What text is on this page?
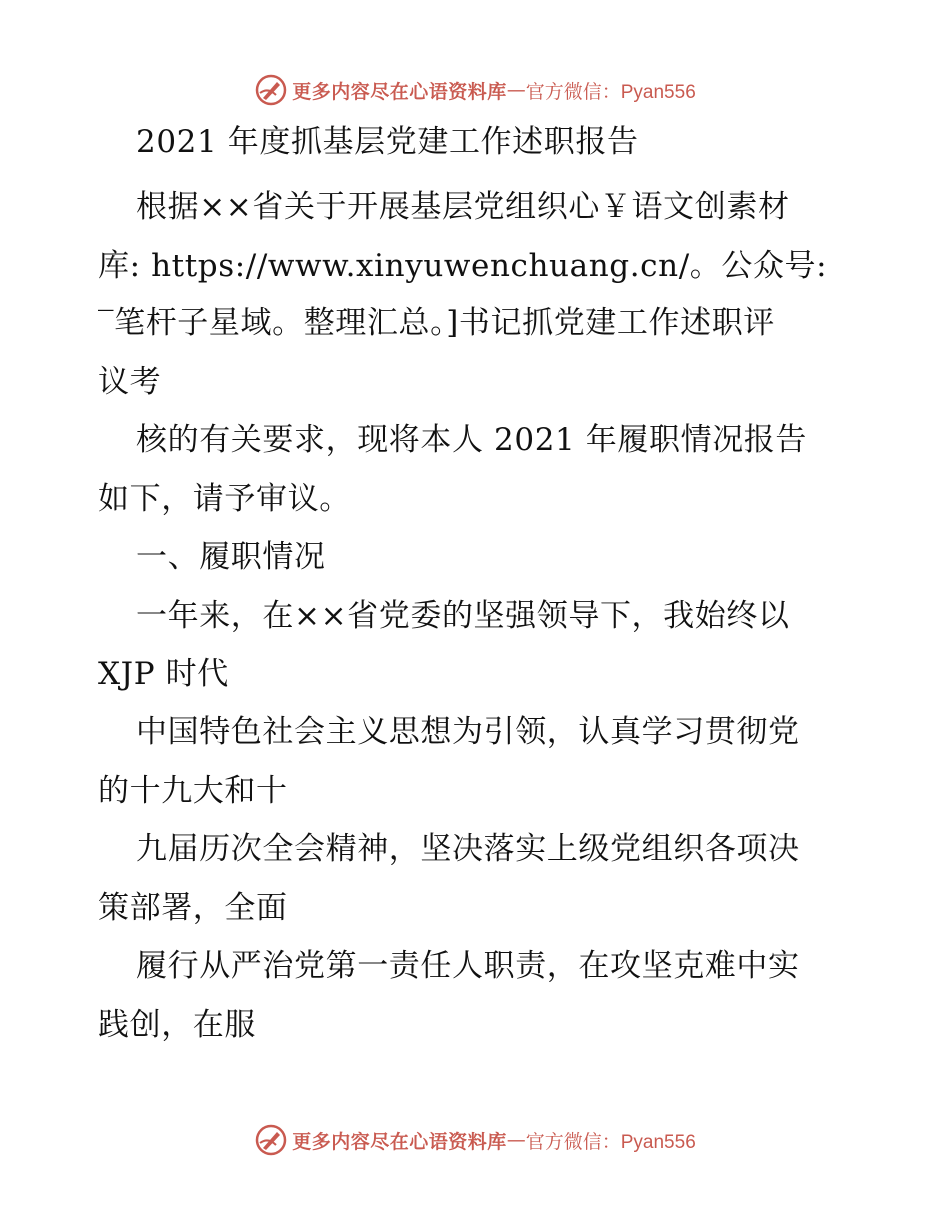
更多内容尽在心语资料库 — 官方微信：Pyan556
2021 年度抓基层党建工作述职报告
根据××省关于开展基层党组织心￥语文创素材
库: https://www.xinyuwenchuang.cn/。公众号:
‾笔杆子星域。整理汇总。]书记抓党建工作述职评
议考
核的有关要求，现将本人 2021 年履职情况报告
如下，请予审议。
一、履职情况
一年来，在××省党委的坚强领导下，我始终以
XJP 时代
中国特色社会主义思想为引领，认真学习贯彻党
的十九大和十
九届历次全会精神，坚决落实上级党组织各项决
策部署，全面
履行从严治党第一责任人职责，在攻坚克难中实
践创，在服
更多内容尽在心语资料库 — 官方微信：Pyan556
